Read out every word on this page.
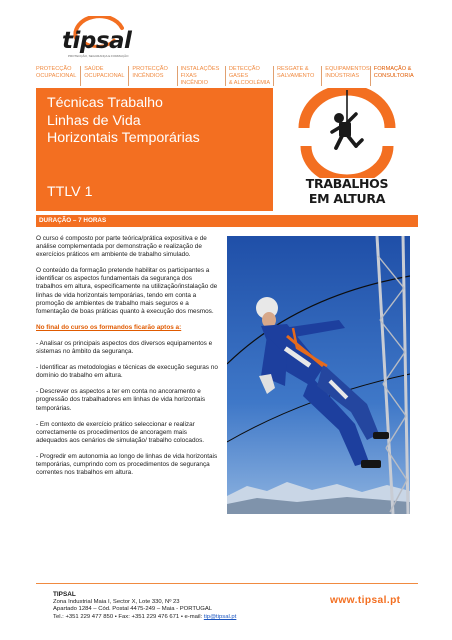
tipsal
PROTECÇÃO, SEGURANÇA E FORMAÇÃO
PROTECÇÃO
OCUPACIONAL
SAÚDE
OCUPACIONAL
PROTECÇÃO
INCÊNDIOS
INSTALAÇÕES
FIXAS INCÊNDIO
DETECÇÃO GASES
& ALCOOLÉMIA
RESGATE &
SALVAMENTO
EQUIPAMENTOS
INDÚSTRIAS
FORMAÇÃO &
CONSULTORIA
Técnicas Trabalho
Linhas de Vida
Horizontais Temporárias
TTLV 1
TRABALHOS
EM ALTURA
DURAÇÃO – 7 HORAS

O curso é composto por parte teórica/prática expositiva e de análise complementada por demonstração e realização de exercícios práticos em ambiente de trabalho simulado.

O conteúdo da formação pretende habilitar os participantes a identificar os aspectos fundamentais da segurança dos trabalhos em altura, especificamente na utilização/instalação de linhas de vida horizontais temporárias, tendo em conta a promoção de ambientes de trabalho mais seguros e a fomentação de boas práticas quanto à execução dos mesmos.

No final do curso os formandos ficarão aptos a:

- Analisar os principais aspectos dos diversos equipamentos e sistemas no âmbito da segurança.

- Identificar as metodologias e técnicas de execução seguras no domínio do trabalho em altura.

- Descrever os aspectos a ter em conta no ancoramento e progressão dos trabalhadores em linhas de vida horizontais temporárias.

- Em contexto de exercício prático seleccionar e realizar correctamente os procedimentos de ancoragem mais adequados aos cenários de simulação/ trabalho colocados.

- Progredir em autonomia ao longo de linhas de vida horizontais temporárias, cumprindo com os procedimentos de segurança correntes nos trabalhos em altura.

TIPSAL
Zona Industrial Maia I, Sector X, Lote 330, Nº 23
Apartado 1284 – Cód. Postal 4475-249 – Maia - PORTUGAL
Tel.: +351 229 477 850 • Fax: +351 229 476 671 • e-mail: tip@tipsal.pt
www.tipsal.pt
